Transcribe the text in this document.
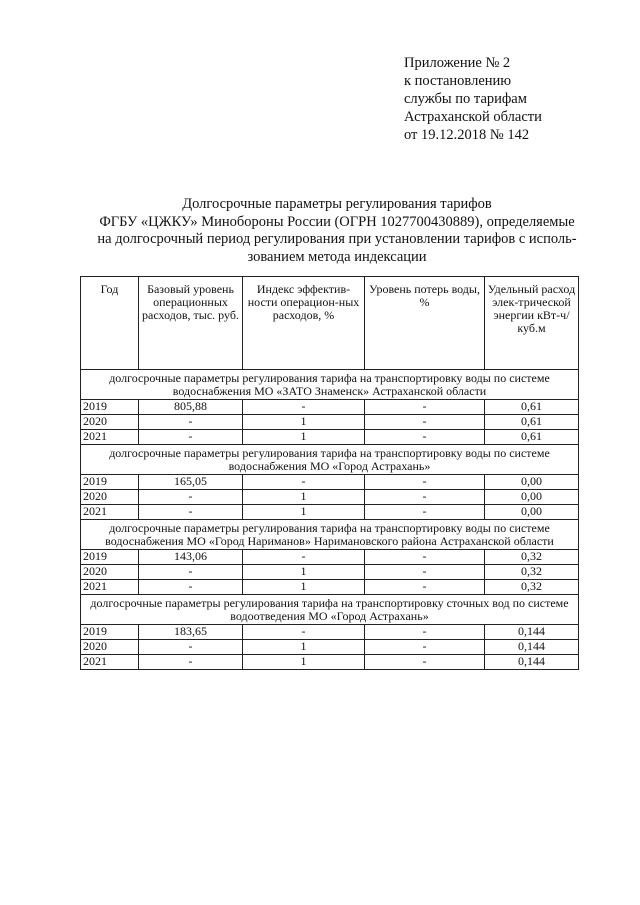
Приложение № 2
к постановлению
службы по тарифам
Астраханской области
от 19.12.2018 № 142
Долгосрочные параметры регулирования тарифов
ФГБУ «ЦЖКУ» Минобороны России (ОГРН 1027700430889), определяемые
на долгосрочный период регулирования при установлении тарифов с исполь-
зованием метода индексации
Год	Базовый уровень операционных расходов, тыс. руб.	Индекс эффектив-ности операцион-ных расходов, %	Уровень потерь воды, %	Удельный расход элек-трической энергии кВт-ч/куб.м
долгосрочные параметры регулирования тарифа на транспортировку воды по системе водоснабжения МО «ЗАТО Знаменск» Астраханской области				
2019	805,88	-	-	0,61
2020	-	1	-	0,61
2021	-	1	-	0,61
долгосрочные параметры регулирования тарифа на транспортировку воды по системе водоснабжения МО «Город Астрахань»				
2019	165,05	-	-	0,00
2020	-	1	-	0,00
2021	-	1	-	0,00
долгосрочные параметры регулирования тарифа на транспортировку воды по системе водоснабжения МО «Город Нариманов» Наримановского района Астраханской области				
2019	143,06	-	-	0,32
2020	-	1	-	0,32
2021	-	1	-	0,32
долгосрочные параметры регулирования тарифа на транспортировку сточных вод по системе водоотведения МО «Город Астрахань»				
2019	183,65	-	-	0,144
2020	-	1	-	0,144
2021	-	1	-	0,144
